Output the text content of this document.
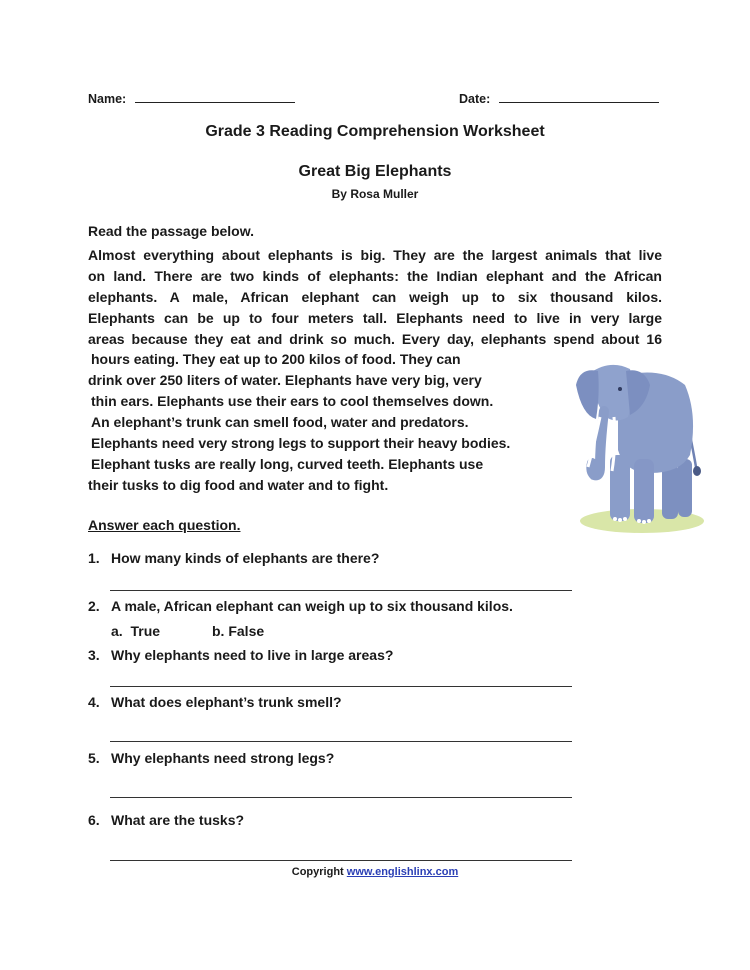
Name:	Date:
Grade 3 Reading Comprehension Worksheet
Great Big Elephants
By Rosa Muller
Read the passage below.
Almost everything about elephants is big. They are the largest animals that live
on land. There are two kinds of elephants: the Indian elephant and the African
elephants. A male, African elephant can weigh up to six thousand kilos.
Elephants can be up to four meters tall. Elephants need to live in very large
areas because they eat and drink so much. Every day, elephants spend about 16
hours eating. They eat up to 200 kilos of food. They can
drink over 250 liters of water. Elephants have very big, very
thin ears. Elephants use their ears to cool themselves down.
An elephant’s trunk can smell food, water and predators.
Elephants need very strong legs to support their heavy bodies.
Elephant tusks are really long, curved teeth. Elephants use
their tusks to dig food and water and to fight.
Answer each question.
1. How many kinds of elephants are there?
2. A male, African elephant can weigh up to six thousand kilos.
a. True	b. False
3. Why elephants need to live in large areas?
4. What does elephant’s trunk smell?
5. Why elephants need strong legs?
6. What are the tusks?
Copyright www.englishlinx.com
